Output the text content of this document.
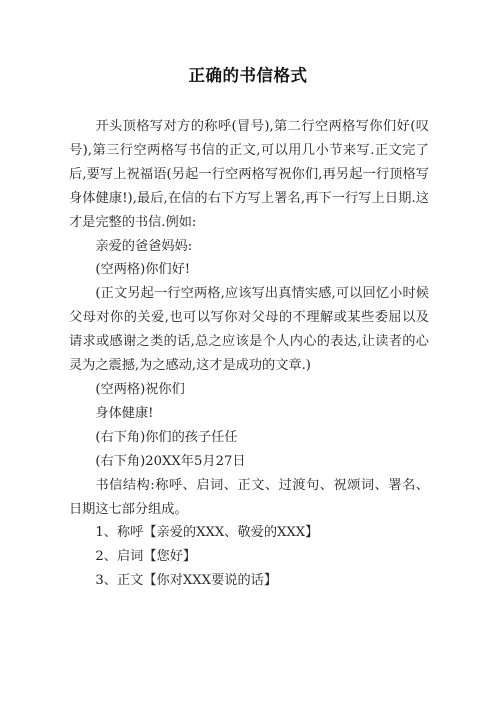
正确的书信格式

开头顶格写对方的称呼(冒号),第二行空两格写你们好(叹号),第三行空两格写书信的正文,可以用几小节来写.正文完了后,要写上祝福语(另起一行空两格写祝你们,再另起一行顶格写身体健康!),最后,在信的右下方写上署名,再下一行写上日期.这才是完整的书信.例如:

亲爱的爸爸妈妈:

(空两格)你们好!

(正文另起一行空两格,应该写出真情实感,可以回忆小时候父母对你的关爱,也可以写你对父母的不理解或某些委屈以及请求或感谢之类的话,总之应该是个人内心的表达,让读者的心灵为之震撼,为之感动,这才是成功的文章.)

(空两格)祝你们

身体健康!

(右下角)你们的孩子任任

(右下角)20XX年5月27日

书信结构:称呼、启词、正文、过渡句、祝颂词、署名、日期这七部分组成。

1、称呼【亲爱的XXX、敬爱的XXX】

2、启词【您好】

3、正文【你对XXX要说的话】
